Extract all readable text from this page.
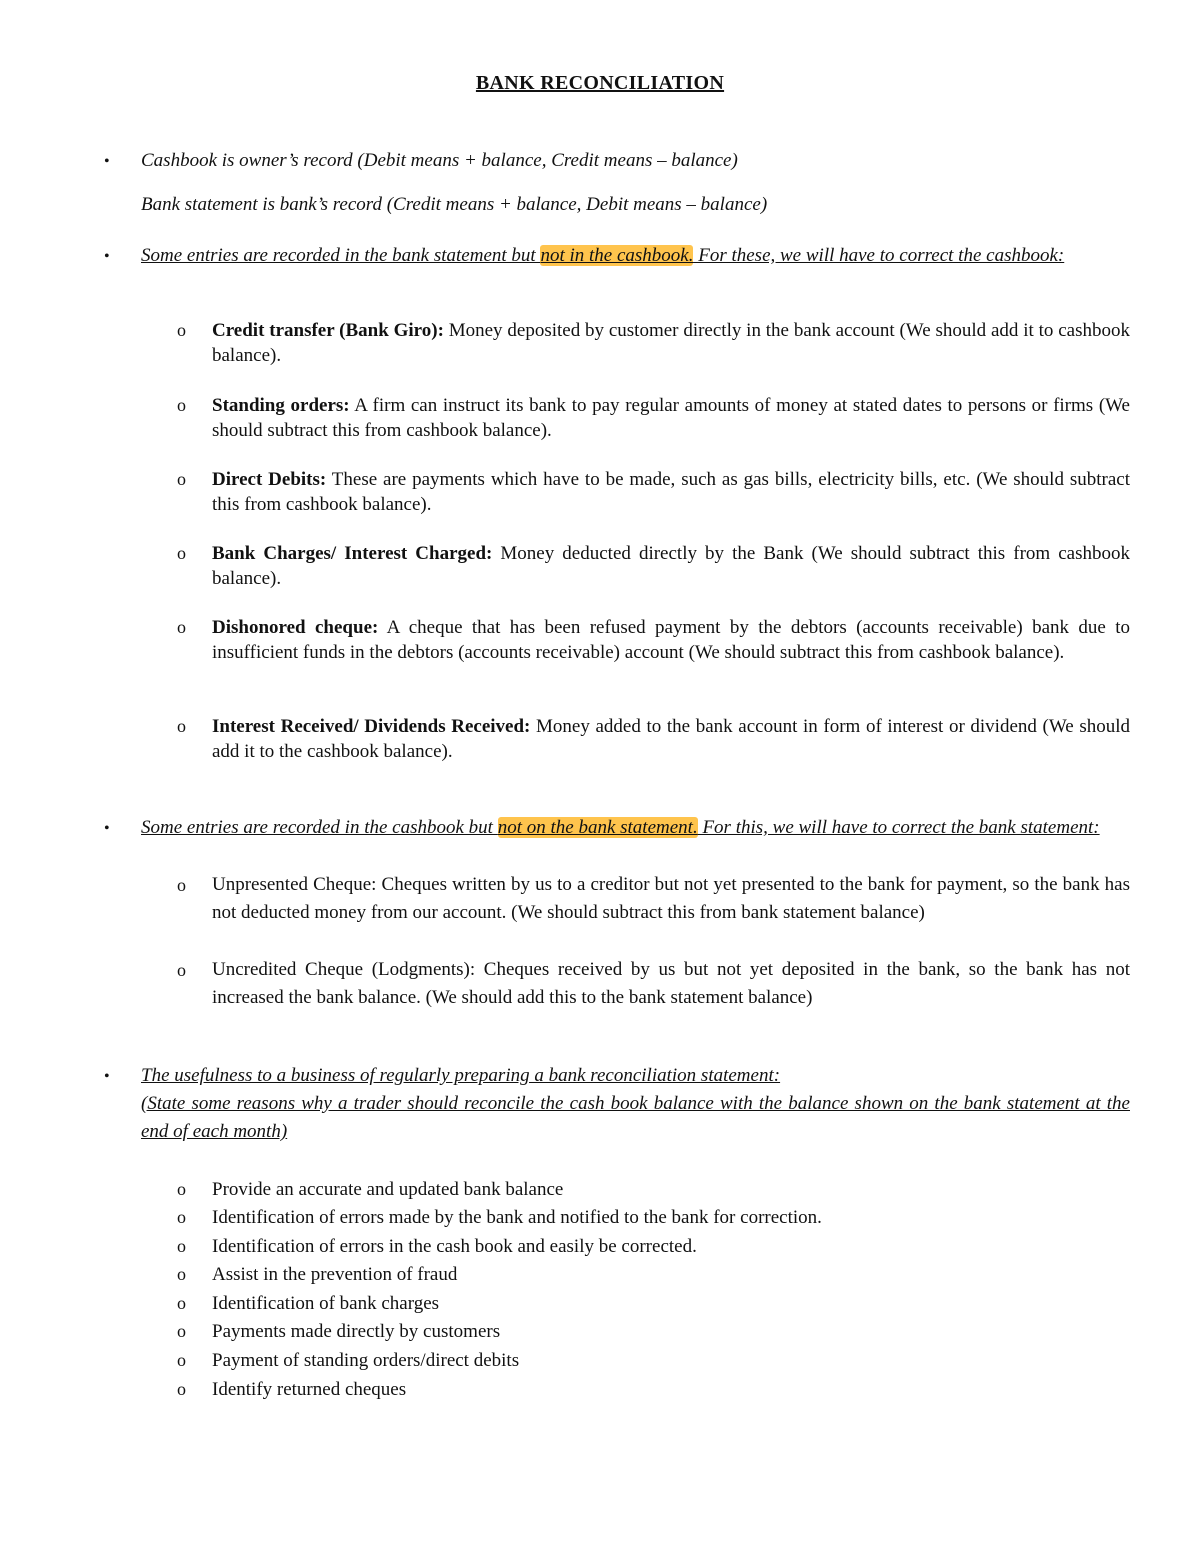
BANK RECONCILIATION
• Cashbook is owner’s record (Debit means + balance, Credit means – balance)
Bank statement is bank’s record (Credit means + balance, Debit means – balance)
• Some entries are recorded in the bank statement but not in the cashbook. For these, we will have to correct the cashbook:
o Credit transfer (Bank Giro): Money deposited by customer directly in the bank account (We should add it to cashbook balance).
o Standing orders: A firm can instruct its bank to pay regular amounts of money at stated dates to persons or firms (We should subtract this from cashbook balance).
o Direct Debits: These are payments which have to be made, such as gas bills, electricity bills, etc. (We should subtract this from cashbook balance).
o Bank Charges/ Interest Charged: Money deducted directly by the Bank (We should subtract this from cashbook balance).
o Dishonored cheque: A cheque that has been refused payment by the debtors (accounts receivable) bank due to insufficient funds in the debtors (accounts receivable) account (We should subtract this from cashbook balance).
o Interest Received/ Dividends Received: Money added to the bank account in form of interest or dividend (We should add it to the cashbook balance).
• Some entries are recorded in the cashbook but not on the bank statement. For this, we will have to correct the bank statement:
o Unpresented Cheque: Cheques written by us to a creditor but not yet presented to the bank for payment, so the bank has not deducted money from our account. (We should subtract this from bank statement balance)
o Uncredited Cheque (Lodgments): Cheques received by us but not yet deposited in the bank, so the bank has not increased the bank balance. (We should add this to the bank statement balance)
• The usefulness to a business of regularly preparing a bank reconciliation statement:
(State some reasons why a trader should reconcile the cash book balance with the balance shown on the bank statement at the end of each month)
o Provide an accurate and updated bank balance
o Identification of errors made by the bank and notified to the bank for correction.
o Identification of errors in the cash book and easily be corrected.
o Assist in the prevention of fraud
o Identification of bank charges
o Payments made directly by customers
o Payment of standing orders/direct debits
o Identify returned cheques
